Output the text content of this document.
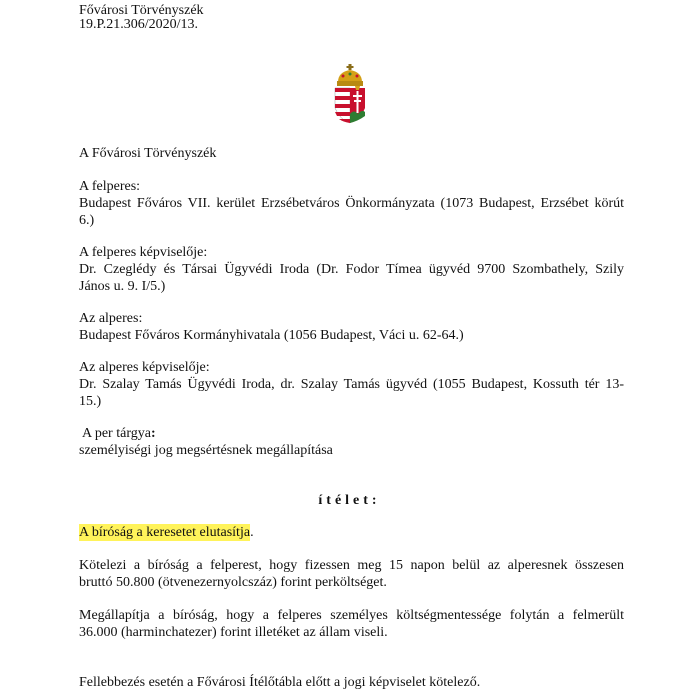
Fővárosi Törvényszék
19.P.21.306/2020/13.
A Fővárosi Törvényszék
A felperes:
Budapest Főváros VII. kerület Erzsébetváros Önkormányzata (1073 Budapest, Erzsébet körút
6.)
A felperes képviselője:
Dr. Czeglédy és Társai Ügyvédi Iroda (Dr. Fodor Tímea ügyvéd 9700 Szombathely, Szily
János u. 9. I/5.)
Az alperes:
Budapest Főváros Kormányhivatala (1056 Budapest, Váci u. 62-64.)
Az alperes képviselője:
Dr. Szalay Tamás Ügyvédi Iroda, dr. Szalay Tamás ügyvéd (1055 Budapest, Kossuth tér 13-
15.)
A per tárgya:
személyiségi jog megsértésnek megállapítása
ítélet:
A bíróság a keresetet elutasítja.
Kötelezi a bíróság a felperest, hogy fizessen meg 15 napon belül az alperesnek összesen
bruttó 50.800 (ötvenezernyolcszáz) forint perköltséget.
Megállapítja a bíróság, hogy a felperes személyes költségmentessége folytán a felmerült
36.000 (harminchatezer) forint illetéket az állam viseli.
Fellebbezés esetén a Fővárosi Ítélőtábla előtt a jogi képviselet kötelező.
